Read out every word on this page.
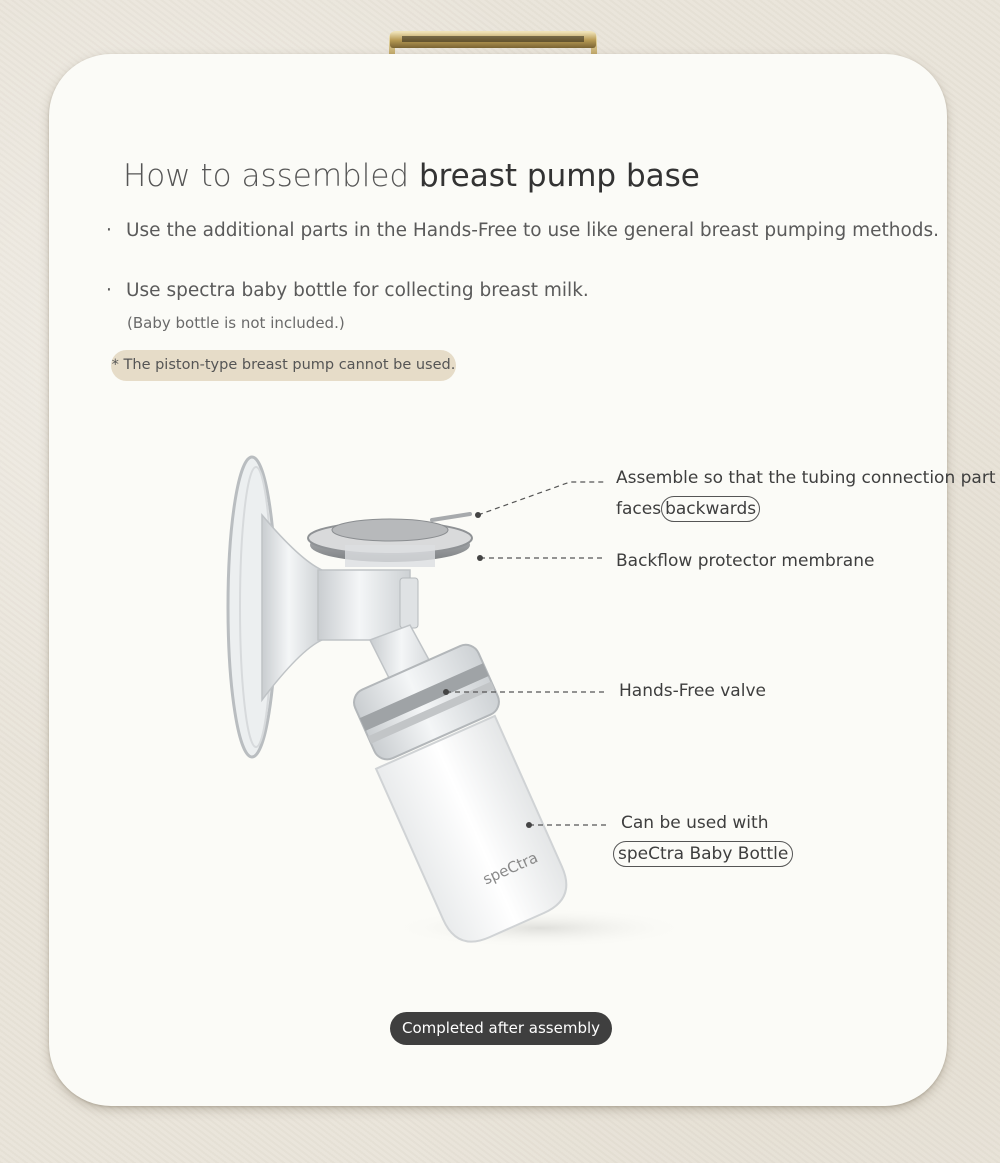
How to assembled breast pump base
· Use the additional parts in the Hands-Free to use like general breast pumping methods.
· Use spectra baby bottle for collecting breast milk.
(Baby bottle is not included.)
* The piston-type breast pump cannot be used.
speCtra
Assemble so that the tubing connection part
faces backwards
Backflow protector membrane
Hands-Free valve
Can be used with
speCtra Baby Bottle
Completed after assembly
